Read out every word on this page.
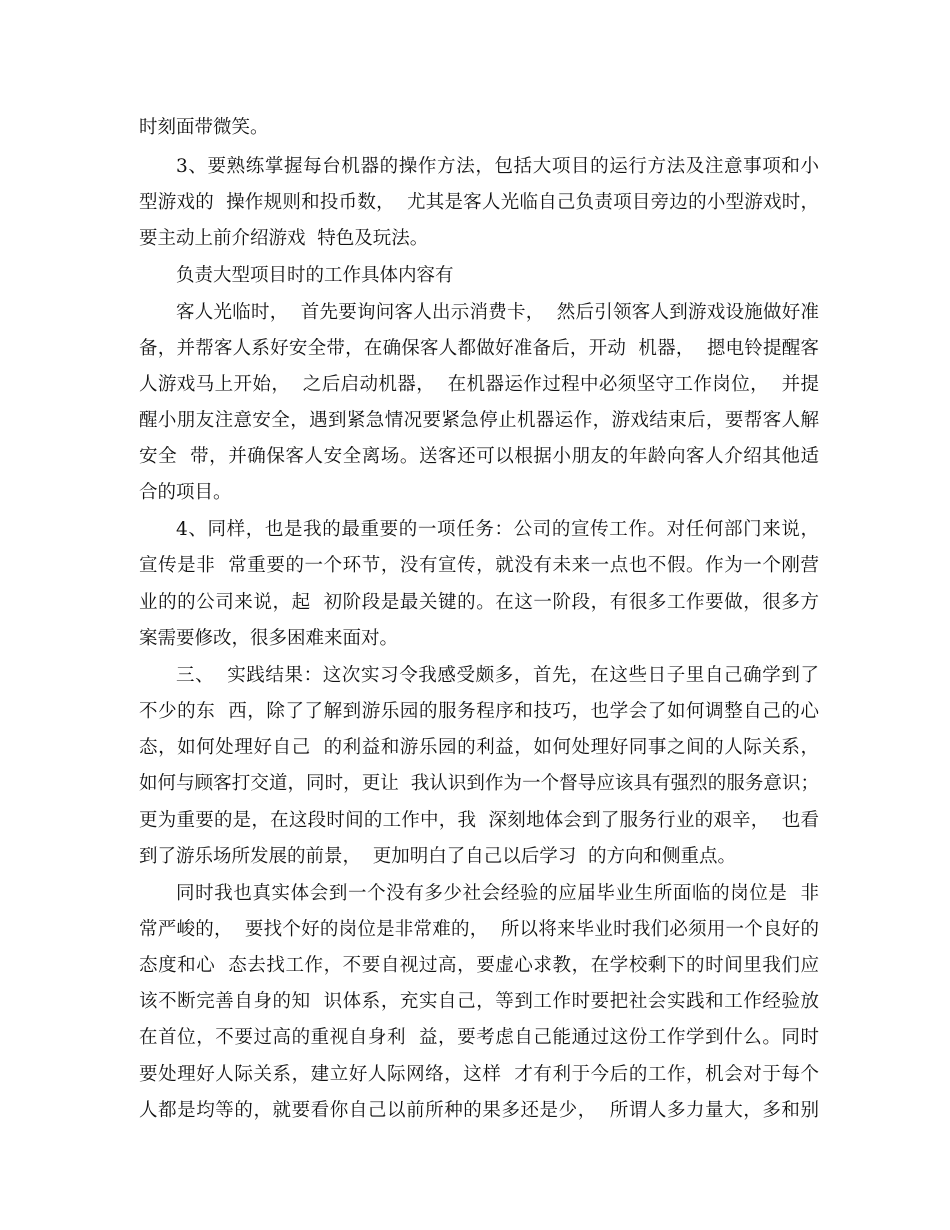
时刻面带微笑。
3、要熟练掌握每台机器的操作方法，包括大项目的运行方法及注意事项和小
型游戏的  操作规则和投币数，  尤其是客人光临自己负责项目旁边的小型游戏时，
要主动上前介绍游戏  特色及玩法。
负责大型项目时的工作具体内容有
客人光临时，  首先要询问客人出示消费卡，  然后引领客人到游戏设施做好准
备，并帮客人系好安全带，在确保客人都做好准备后，开动  机器，  摁电铃提醒客
人游戏马上开始，  之后启动机器，  在机器运作过程中必须坚守工作岗位，  并提
醒小朋友注意安全，遇到紧急情况要紧急停止机器运作，游戏结束后，要帮客人解
安全  带，并确保客人安全离场。送客还可以根据小朋友的年龄向客人介绍其他适
合的项目。
4、同样，也是我的最重要的一项任务：公司的宣传工作。对任何部门来说，
宣传是非  常重要的一个环节，没有宣传，就没有未来一点也不假。作为一个刚营
业的的公司来说，起  初阶段是最关键的。在这一阶段，有很多工作要做，很多方
案需要修改，很多困难来面对。
三、  实践结果：这次实习令我感受颇多，首先，在这些日子里自己确学到了
不少的东  西，除了了解到游乐园的服务程序和技巧，也学会了如何调整自己的心
态，如何处理好自己  的利益和游乐园的利益，如何处理好同事之间的人际关系，
如何与顾客打交道，同时，更让  我认识到作为一个督导应该具有强烈的服务意识；
更为重要的是，在这段时间的工作中，我  深刻地体会到了服务行业的艰辛，  也看
到了游乐场所发展的前景，  更加明白了自己以后学习  的方向和侧重点。
同时我也真实体会到一个没有多少社会经验的应届毕业生所面临的岗位是  非
常严峻的，  要找个好的岗位是非常难的，  所以将来毕业时我们必须用一个良好的
态度和心  态去找工作，不要自视过高，要虚心求教，在学校剩下的时间里我们应
该不断完善自身的知  识体系，充实自己，等到工作时要把社会实践和工作经验放
在首位，不要过高的重视自身利  益，要考虑自己能通过这份工作学到什么。同时
要处理好人际关系，建立好人际网络，这样  才有利于今后的工作，机会对于每个
人都是均等的，就要看你自己以前所种的果多还是少，  所谓人多力量大，多和别
